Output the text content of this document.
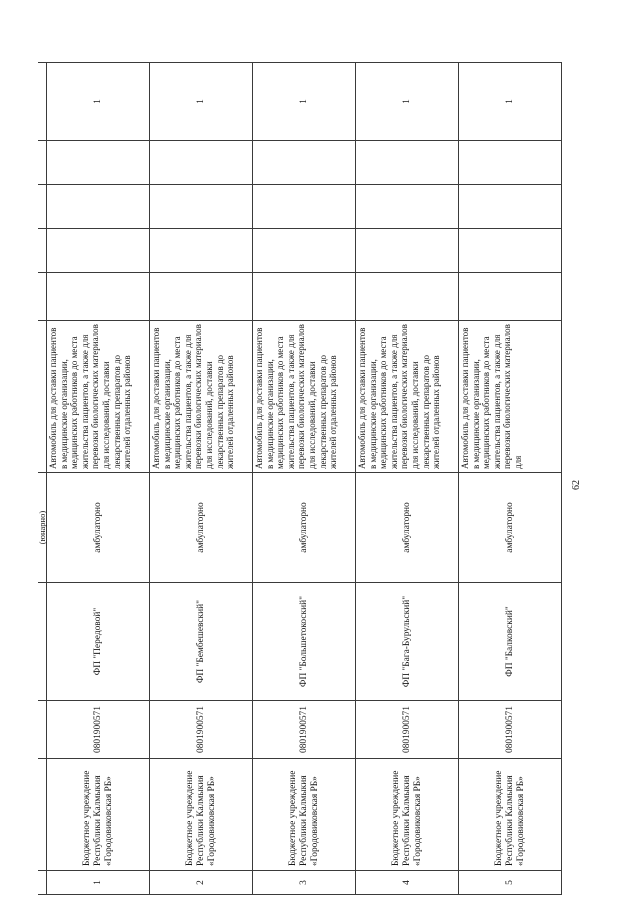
				(юнарно)						
1	Бюджетное учреждение Республики Калмыкия «Городовиковская РБ»	0801900571	ФП "Передовой"	амбулаторно	Автомобиль для доставки пациентов в медицинские организации, медицинских работников до места жительства пациентов, а также для перевозки биологических материалов для исследований, доставки лекарственных препаратов до жителей отдаленных районов					1
2	Бюджетное учреждение Республики Калмыкия «Городовиковская РБ»	0801900571	ФП "Бембешевский"	амбулаторно	Автомобиль для доставки пациентов в медицинские организации, медицинских работников до места жительства пациентов, а также для перевозки биологических материалов для исследований, доставки лекарственных препаратов до жителей отдаленных районов					1
3	Бюджетное учреждение Республики Калмыкия «Городовиковская РБ»	0801900571	ФП "Большетокоский"	амбулаторно	Автомобиль для доставки пациентов в медицинские организации, медицинских работников до места жительства пациентов, а также для перевозки биологических материалов для исследований, доставки лекарственных препаратов до жителей отдаленных районов					1
4	Бюджетное учреждение Республики Калмыкия «Городовиковская РБ»	0801900571	ФП "Бага-Бурульский"	амбулаторно	Автомобиль для доставки пациентов в медицинские организации, медицинских работников до места жительства пациентов, а также для перевозки биологических материалов для исследований, доставки лекарственных препаратов до жителей отдаленных районов					1
5	Бюджетное учреждение Республики Калмыкия «Городовиковская РБ»	0801900571	ФП "Балковский"	амбулаторно	Автомобиль для доставки пациентов в медицинские организации, медицинских работников до места жительства пациентов, а также для перевозки биологических материалов для					1
62
